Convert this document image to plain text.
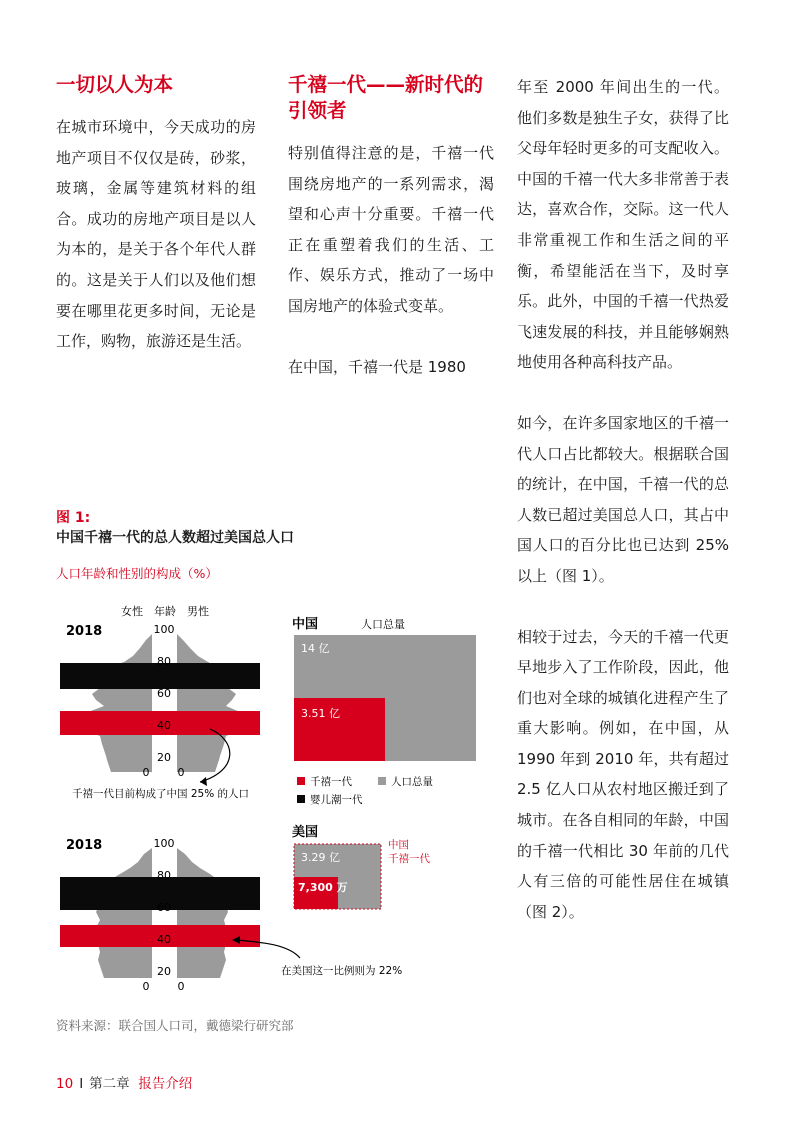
一切以人为本

在城市环境中，今天成功的房地产项目不仅仅是砖，砂浆，玻璃，金属等建筑材料的组合。成功的房地产项目是以人为本的，是关于各个年代人群的。这是关于人们以及他们想要在哪里花更多时间，无论是工作，购物，旅游还是生活。

千禧一代——新时代的引领者

特别值得注意的是，千禧一代围绕房地产的一系列需求，渴望和心声十分重要。千禧一代正在重塑着我们的生活、工作、娱乐方式，推动了一场中国房地产的体验式变革。

在中国，千禧一代是 1980

年至 2000 年间出生的一代。他们多数是独生子女，获得了比父母年轻时更多的可支配收入。中国的千禧一代大多非常善于表达，喜欢合作，交际。这一代人非常重视工作和生活之间的平衡，希望能活在当下，及时享乐。此外，中国的千禧一代热爱飞速发展的科技，并且能够娴熟地使用各种高科技产品。

如今，在许多国家地区的千禧一代人口占比都较大。根据联合国的统计，在中国，千禧一代的总人数已超过美国总人口，其占中国人口的百分比也已达到 25%以上（图 1）。

相较于过去，今天的千禧一代更早地步入了工作阶段，因此，他们也对全球的城镇化进程产生了重大影响。例如，在中国，从 1990 年到 2010 年，共有超过 2.5 亿人口从农村地区搬迁到了城市。在各自相同的年龄，中国的千禧一代相比 30 年前的几代人有三倍的可能性居住在城镇（图 2）。

图 1:
中国千禧一代的总人数超过美国总人口
人口年龄和性别的构成（%）
100
80
60
40
20
0	0
女性 年龄 男性
2018
千禧一代目前构成了中国 25% 的人口
100
80
60
40
20
0	0
2018
在美国这一比例则为 22%
中国	人口总量
14 亿
3.51 亿
千禧一代	人口总量
婴儿潮一代
美国
3.29 亿
7,300 万
中国
千禧一代
资料来源：联合国人口司，戴德梁行研究部
10 I 第二章 报告介绍
